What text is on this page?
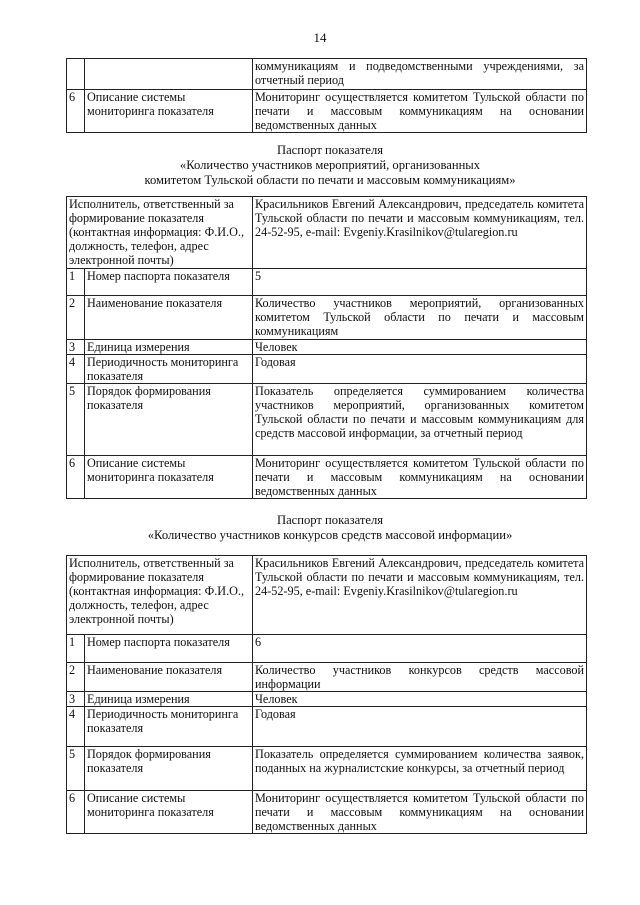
14
		коммуникациям и подведомственными учреждениями, за отчетный период
6	Описание системы мониторинга показателя	Мониторинг осуществляется комитетом Тульской области по печати и массовым коммуникациям на основании ведомственных данных
Паспорт показателя
«Количество участников мероприятий, организованных
комитетом Тульской области по печати и массовым коммуникациям»
Исполнитель, ответственный за формирование показателя (контактная информация: Ф.И.О., должность, телефон, адрес электронной почты)		Красильников Евгений Александрович, председатель комитета Тульской области по печати и массовым коммуникациям, тел. 24-52-95, e-mail: Evgeniy.Krasilnikov@tularegion.ru
1	Номер паспорта показателя	5
2	Наименование показателя	Количество участников мероприятий, организованных комитетом Тульской области по печати и массовым коммуникациям
3	Единица измерения	Человек
4	Периодичность мониторинга показателя	Годовая
5	Порядок формирования показателя	Показатель определяется суммированием количества участников мероприятий, организованных комитетом Тульской области по печати и массовым коммуникациям для средств массовой информации, за отчетный период
6	Описание системы мониторинга показателя	Мониторинг осуществляется комитетом Тульской области по печати и массовым коммуникациям на основании ведомственных данных
Паспорт показателя
«Количество участников конкурсов средств массовой информации»
Исполнитель, ответственный за формирование показателя (контактная информация: Ф.И.О., должность, телефон, адрес электронной почты)		Красильников Евгений Александрович, председатель комитета Тульской области по печати и массовым коммуникациям, тел. 24-52-95, e-mail: Evgeniy.Krasilnikov@tularegion.ru
1	Номер паспорта показателя	6
2	Наименование показателя	Количество участников конкурсов средств массовой информации
3	Единица измерения	Человек
4	Периодичность мониторинга показателя	Годовая
5	Порядок формирования показателя	Показатель определяется суммированием количества заявок, поданных на журналистские конкурсы, за отчетный период
6	Описание системы мониторинга показателя	Мониторинг осуществляется комитетом Тульской области по печати и массовым коммуникациям на основании ведомственных данных
